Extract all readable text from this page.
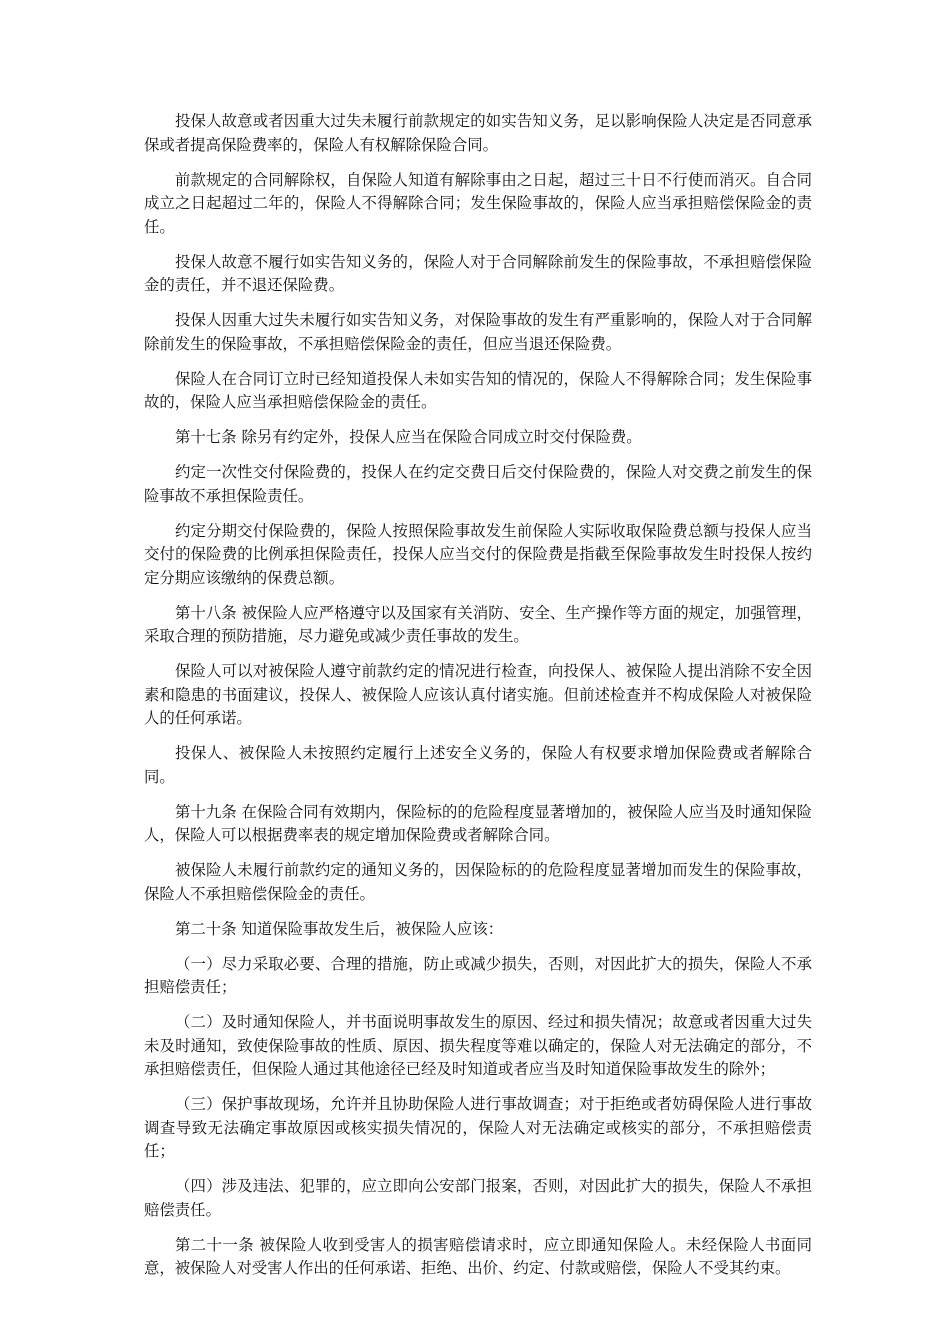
投保人故意或者因重大过失未履行前款规定的如实告知义务，足以影响保险人决定是否同意承保或者提高保险费率的，保险人有权解除保险合同。

前款规定的合同解除权，自保险人知道有解除事由之日起，超过三十日不行使而消灭。自合同成立之日起超过二年的，保险人不得解除合同；发生保险事故的，保险人应当承担赔偿保险金的责任。

投保人故意不履行如实告知义务的，保险人对于合同解除前发生的保险事故，不承担赔偿保险金的责任，并不退还保险费。

投保人因重大过失未履行如实告知义务，对保险事故的发生有严重影响的，保险人对于合同解除前发生的保险事故，不承担赔偿保险金的责任，但应当退还保险费。

保险人在合同订立时已经知道投保人未如实告知的情况的，保险人不得解除合同；发生保险事故的，保险人应当承担赔偿保险金的责任。

第十七条 除另有约定外，投保人应当在保险合同成立时交付保险费。

约定一次性交付保险费的，投保人在约定交费日后交付保险费的，保险人对交费之前发生的保险事故不承担保险责任。

约定分期交付保险费的，保险人按照保险事故发生前保险人实际收取保险费总额与投保人应当交付的保险费的比例承担保险责任，投保人应当交付的保险费是指截至保险事故发生时投保人按约定分期应该缴纳的保费总额。

第十八条 被保险人应严格遵守以及国家有关消防、安全、生产操作等方面的规定，加强管理，采取合理的预防措施，尽力避免或减少责任事故的发生。

保险人可以对被保险人遵守前款约定的情况进行检查，向投保人、被保险人提出消除不安全因素和隐患的书面建议，投保人、被保险人应该认真付诸实施。但前述检查并不构成保险人对被保险人的任何承诺。

投保人、被保险人未按照约定履行上述安全义务的，保险人有权要求增加保险费或者解除合同。

第十九条 在保险合同有效期内，保险标的的危险程度显著增加的，被保险人应当及时通知保险人，保险人可以根据费率表的规定增加保险费或者解除合同。

被保险人未履行前款约定的通知义务的，因保险标的的危险程度显著增加而发生的保险事故，保险人不承担赔偿保险金的责任。

第二十条 知道保险事故发生后，被保险人应该：

（一）尽力采取必要、合理的措施，防止或减少损失，否则，对因此扩大的损失，保险人不承担赔偿责任；

（二）及时通知保险人，并书面说明事故发生的原因、经过和损失情况；故意或者因重大过失未及时通知，致使保险事故的性质、原因、损失程度等难以确定的，保险人对无法确定的部分，不承担赔偿责任，但保险人通过其他途径已经及时知道或者应当及时知道保险事故发生的除外；

（三）保护事故现场，允许并且协助保险人进行事故调查；对于拒绝或者妨碍保险人进行事故调查导致无法确定事故原因或核实损失情况的，保险人对无法确定或核实的部分，不承担赔偿责任；

（四）涉及违法、犯罪的，应立即向公安部门报案，否则，对因此扩大的损失，保险人不承担赔偿责任。

第二十一条 被保险人收到受害人的损害赔偿请求时，应立即通知保险人。未经保险人书面同意，被保险人对受害人作出的任何承诺、拒绝、出价、约定、付款或赔偿，保险人不受其约束。
